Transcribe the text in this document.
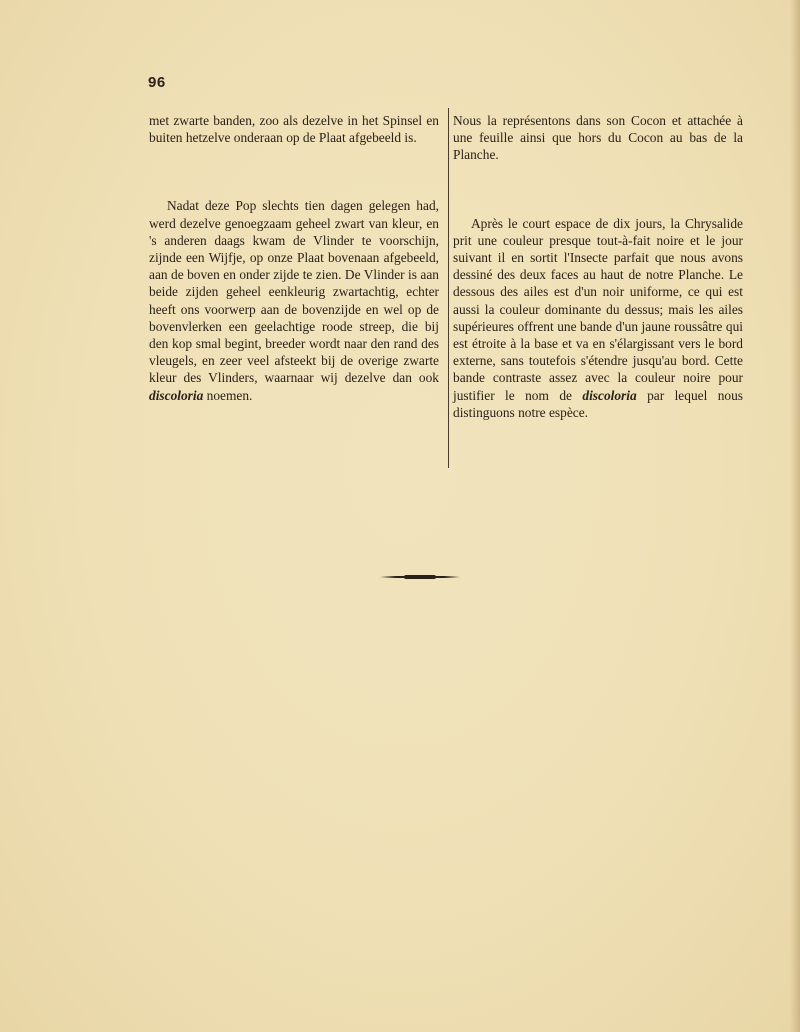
96

met zwarte banden, zoo als dezelve in het Spinsel en buiten hetzelve onderaan op de Plaat afgebeeld is.

Nadat deze Pop slechts tien dagen gelegen had, werd dezelve genoegzaam geheel zwart van kleur, en 's anderen daags kwam de Vlinder te voorschijn, zijnde een Wijfje, op onze Plaat bovenaan afgebeeld, aan de boven en onder zijde te zien. De Vlinder is aan beide zijden geheel eenkleurig zwartachtig, echter heeft ons voorwerp aan de bovenzijde en wel op de bovenvlerken een geelachtige roode streep, die bij den kop smal begint, breeder wordt naar den rand des vleugels, en zeer veel afsteekt bij de overige zwarte kleur des Vlinders, waarnaar wij dezelve dan ook discoloria noemen.

Nous la représentons dans son Cocon et attachée à une feuille ainsi que hors du Cocon au bas de la Planche.

Après le court espace de dix jours, la Chrysalide prit une couleur presque tout-à-fait noire et le jour suivant il en sortit l'Insecte parfait que nous avons dessiné des deux faces au haut de notre Planche. Le dessous des ailes est d'un noir uniforme, ce qui est aussi la couleur dominante du dessus; mais les ailes supérieures offrent une bande d'un jaune roussâtre qui est étroite à la base et va en s'élargissant vers le bord externe, sans toutefois s'étendre jusqu'au bord. Cette bande contraste assez avec la couleur noire pour justifier le nom de discoloria par lequel nous distinguons notre espèce.
